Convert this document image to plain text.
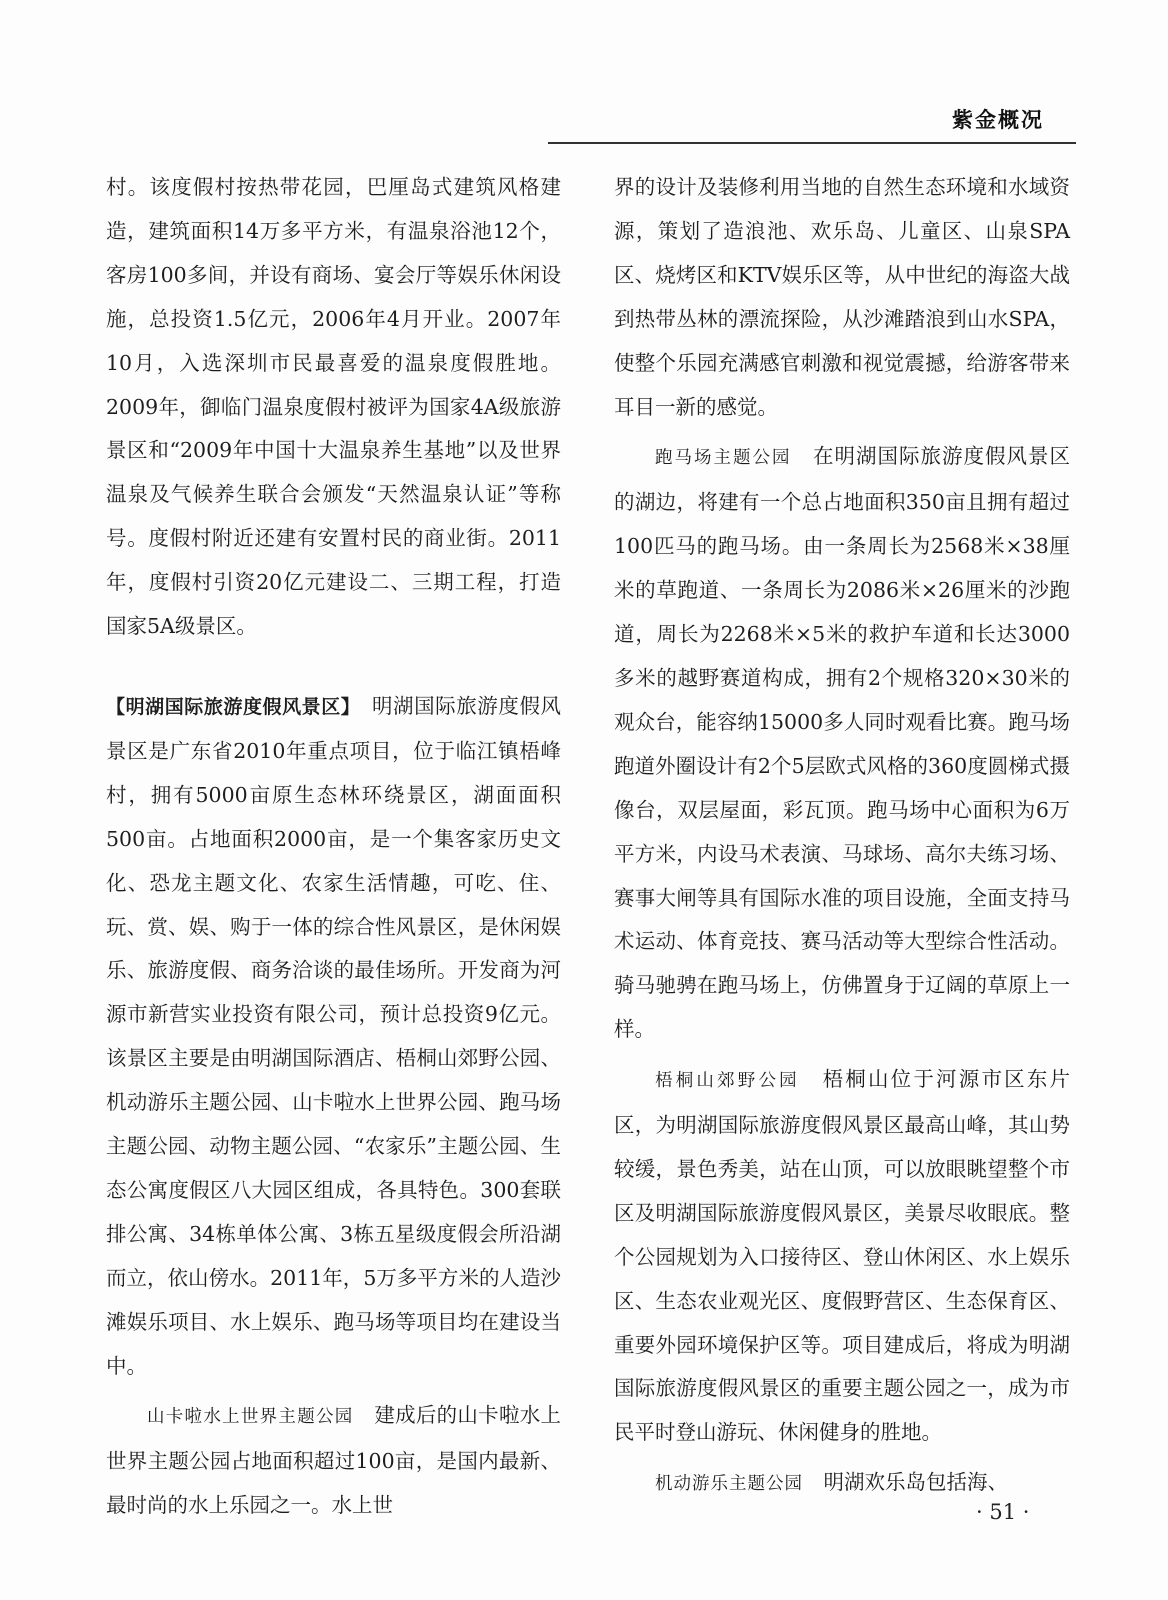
紫金概况

村。该度假村按热带花园，巴厘岛式建筑风格建造，建筑面积14万多平方米，有温泉浴池12个，客房100多间，并设有商场、宴会厅等娱乐休闲设施，总投资1.5亿元，2006年4月开业。2007年10月，入选深圳市民最喜爱的温泉度假胜地。2009年，御临门温泉度假村被评为国家4A级旅游景区和“2009年中国十大温泉养生基地”以及世界温泉及气候养生联合会颁发“天然温泉认证”等称号。度假村附近还建有安置村民的商业街。2011年，度假村引资20亿元建设二、三期工程，打造国家5A级景区。

【明湖国际旅游度假风景区】　 明湖国际旅游度假风景区是广东省2010年重点项目，位于临江镇梧峰村，拥有5000亩原生态林环绕景区，湖面面积500亩。占地面积2000亩，是一个集客家历史文化、恐龙主题文化、农家生活情趣，可吃、住、玩、赏、娱、购于一体的综合性风景区，是休闲娱乐、旅游度假、商务洽谈的最佳场所。开发商为河源市新营实业投资有限公司，预计总投资9亿元。该景区主要是由明湖国际酒店、梧桐山郊野公园、机动游乐主题公园、山卡啦水上世界公园、跑马场主题公园、动物主题公园、“农家乐”主题公园、生态公寓度假区八大园区组成，各具特色。300套联排公寓、34栋单体公寓、3栋五星级度假会所沿湖而立，依山傍水。2011年，5万多平方米的人造沙滩娱乐项目、水上娱乐、跑马场等项目均在建设当中。

山卡啦水上世界主题公园　 建成后的山卡啦水上世界主题公园占地面积超过100亩，是国内最新、最时尚的水上乐园之一。水上世

界的设计及装修利用当地的自然生态环境和水域资源，策划了造浪池、欢乐岛、儿童区、山泉SPA区、烧烤区和KTV娱乐区等，从中世纪的海盗大战到热带丛林的漂流探险，从沙滩踏浪到山水SPA，使整个乐园充满感官刺激和视觉震撼，给游客带来耳目一新的感觉。

跑马场主题公园　 在明湖国际旅游度假风景区的湖边，将建有一个总占地面积350亩且拥有超过100匹马的跑马场。由一条周长为2568米×38厘米的草跑道、一条周长为2086米×26厘米的沙跑道，周长为2268米×5米的救护车道和长达3000多米的越野赛道构成，拥有2个规格320×30米的观众台，能容纳15000多人同时观看比赛。跑马场跑道外圈设计有2个5层欧式风格的360度圆梯式摄像台，双层屋面，彩瓦顶。跑马场中心面积为6万平方米，内设马术表演、马球场、高尔夫练习场、赛事大闸等具有国际水准的项目设施，全面支持马术运动、体育竞技、赛马活动等大型综合性活动。骑马驰骋在跑马场上，仿佛置身于辽阔的草原上一样。

梧桐山郊野公园　 梧桐山位于河源市区东片区，为明湖国际旅游度假风景区最高山峰，其山势较缓，景色秀美，站在山顶，可以放眼眺望整个市区及明湖国际旅游度假风景区，美景尽收眼底。整个公园规划为入口接待区、登山休闲区、水上娱乐区、生态农业观光区、度假野营区、生态保育区、重要外园环境保护区等。项目建成后，将成为明湖国际旅游度假风景区的重要主题公园之一，成为市民平时登山游玩、休闲健身的胜地。

机动游乐主题公园　 明湖欢乐岛包括海、

· 51 ·
